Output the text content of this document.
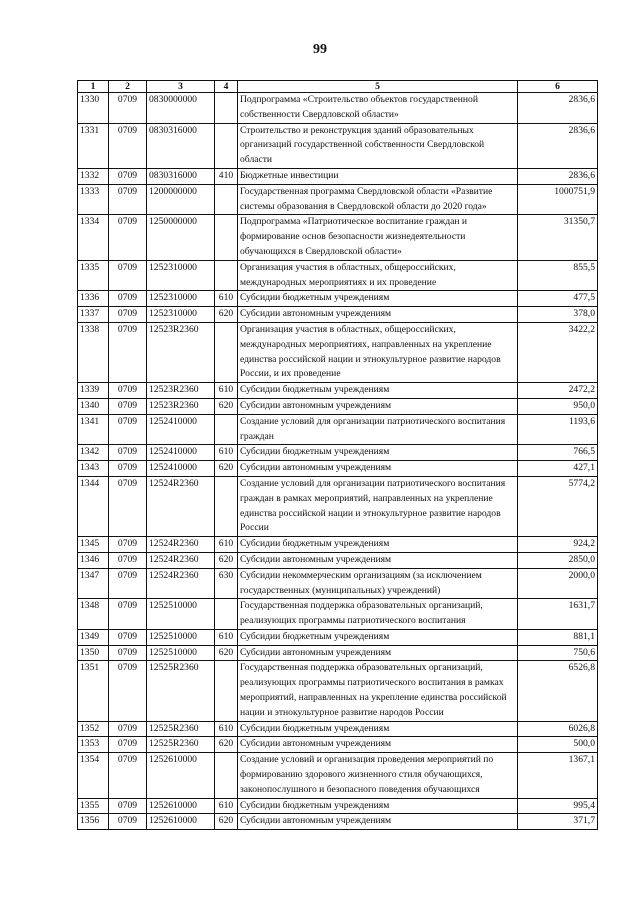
99
1	2	3	4	5	6
1330	0709	0830000000		Подпрограмма «Строительство объектов государственной собственности Свердловской области»	2836,6
1331	0709	0830316000		Строительство и реконструкция зданий образовательных организаций государственной собственности Свердловской области	2836,6
1332	0709	0830316000	410	Бюджетные инвестиции	2836,6
1333	0709	1200000000		Государственная программа Свердловской области «Развитие системы образования в Свердловской области до 2020 года»	1000751,9
1334	0709	1250000000		Подпрограмма «Патриотическое воспитание граждан и формирование основ безопасности жизнедеятельности обучающихся в Свердловской области»	31350,7
1335	0709	1252310000		Организация участия в областных, общероссийских, международных мероприятиях и их проведение	855,5
1336	0709	1252310000	610	Субсидии бюджетным учреждениям	477,5
1337	0709	1252310000	620	Субсидии автономным учреждениям	378,0
1338	0709	12523R2360		Организация участия в областных, общероссийских, международных мероприятиях, направленных на укрепление единства российской нации и этнокультурное развитие народов России, и их проведение	3422,2
1339	0709	12523R2360	610	Субсидии бюджетным учреждениям	2472,2
1340	0709	12523R2360	620	Субсидии автономным учреждениям	950,0
1341	0709	1252410000		Создание условий для организации патриотического воспитания граждан	1193,6
1342	0709	1252410000	610	Субсидии бюджетным учреждениям	766,5
1343	0709	1252410000	620	Субсидии автономным учреждениям	427,1
1344	0709	12524R2360		Создание условий для организации патриотического воспитания граждан в рамках мероприятий, направленных на укрепление единства российской нации и этнокультурное развитие народов России	5774,2
1345	0709	12524R2360	610	Субсидии бюджетным учреждениям	924,2
1346	0709	12524R2360	620	Субсидии автономным учреждениям	2850,0
1347	0709	12524R2360	630	Субсидии некоммерческим организациям (за исключением государственных (муниципальных) учреждений)	2000,0
1348	0709	1252510000		Государственная поддержка образовательных организаций, реализующих программы патриотического воспитания	1631,7
1349	0709	1252510000	610	Субсидии бюджетным учреждениям	881,1
1350	0709	1252510000	620	Субсидии автономным учреждениям	750,6
1351	0709	12525R2360		Государственная поддержка образовательных организаций, реализующих программы патриотического воспитания в рамках мероприятий, направленных на укрепление единства российской нации и этнокультурное развитие народов России	6526,8
1352	0709	12525R2360	610	Субсидии бюджетным учреждениям	6026,8
1353	0709	12525R2360	620	Субсидии автономным учреждениям	500,0
1354	0709	1252610000		Создание условий и организация проведения мероприятий по формированию здорового жизненного стиля обучающихся, законопослушного и безопасного поведения обучающихся	1367,1
1355	0709	1252610000	610	Субсидии бюджетным учреждениям	995,4
1356	0709	1252610000	620	Субсидии автономным учреждениям	371,7
